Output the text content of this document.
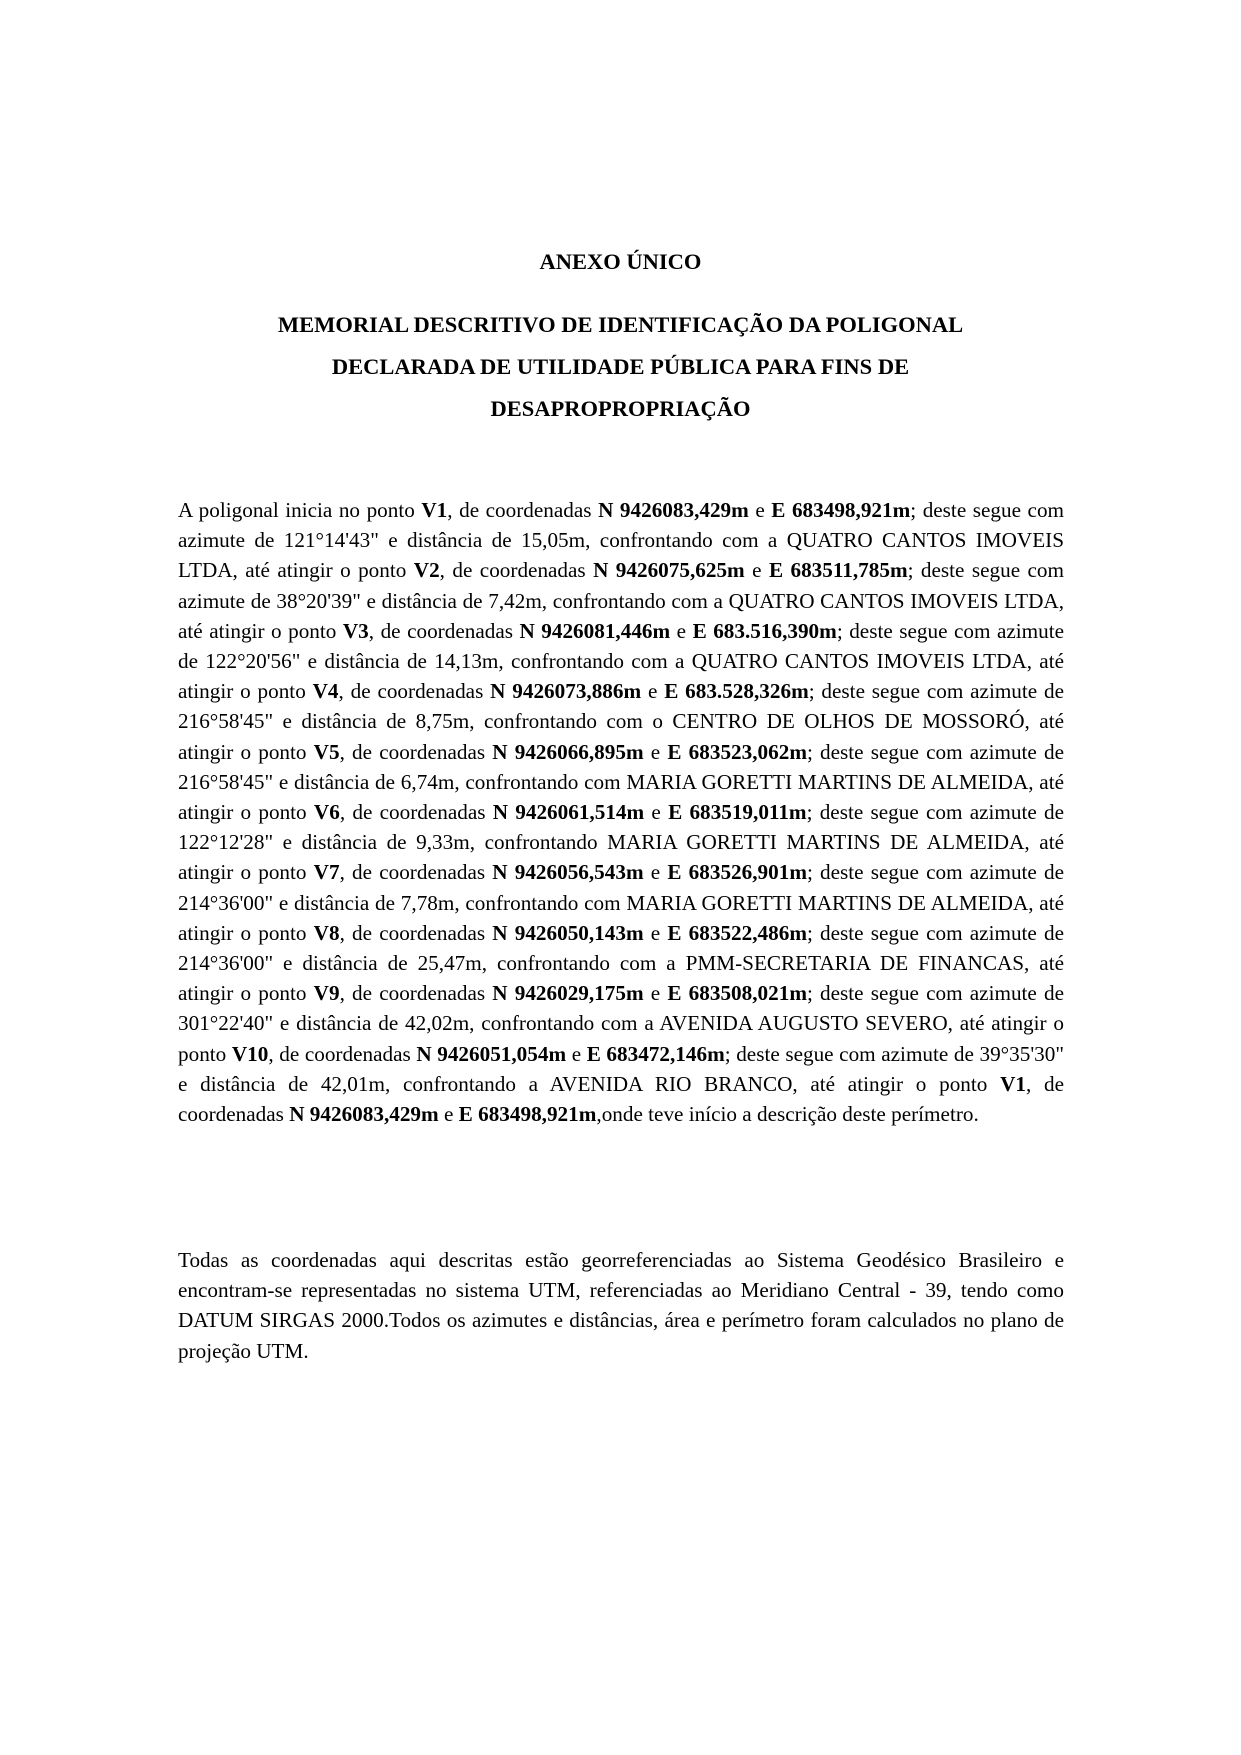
ANEXO ÚNICO
MEMORIAL DESCRITIVO DE IDENTIFICAÇÃO DA POLIGONAL
DECLARADA DE UTILIDADE PÚBLICA PARA FINS DE
DESAPROPROPRIAÇÃO

A poligonal inicia no ponto V1, de coordenadas N 9426083,429m e E 683498,921m; deste segue com azimute de 121°14'43" e distância de 15,05m, confrontando com a QUATRO CANTOS IMOVEIS LTDA, até atingir o ponto V2, de coordenadas N 9426075,625m e E 683511,785m; deste segue com azimute de 38°20'39" e distância de 7,42m, confrontando com a QUATRO CANTOS IMOVEIS LTDA, até atingir o ponto V3, de coordenadas N 9426081,446m e E 683.516,390m; deste segue com azimute de 122°20'56" e distância de 14,13m, confrontando com a QUATRO CANTOS IMOVEIS LTDA, até atingir o ponto V4, de coordenadas N 9426073,886m e E 683.528,326m; deste segue com azimute de 216°58'45" e distância de 8,75m, confrontando com o CENTRO DE OLHOS DE MOSSORÓ, até atingir o ponto V5, de coordenadas N 9426066,895m e E 683523,062m; deste segue com azimute de 216°58'45" e distância de 6,74m, confrontando com MARIA GORETTI MARTINS DE ALMEIDA, até atingir o ponto V6, de coordenadas N 9426061,514m e E 683519,011m; deste segue com azimute de 122°12'28" e distância de 9,33m, confrontando MARIA GORETTI MARTINS DE ALMEIDA, até atingir o ponto V7, de coordenadas N 9426056,543m e E 683526,901m; deste segue com azimute de 214°36'00" e distância de 7,78m, confrontando com MARIA GORETTI MARTINS DE ALMEIDA, até atingir o ponto V8, de coordenadas N 9426050,143m e E 683522,486m; deste segue com azimute de 214°36'00" e distância de 25,47m, confrontando com a PMM-SECRETARIA DE FINANCAS, até atingir o ponto V9, de coordenadas N 9426029,175m e E 683508,021m; deste segue com azimute de 301°22'40" e distância de 42,02m, confrontando com a AVENIDA AUGUSTO SEVERO, até atingir o ponto V10, de coordenadas N 9426051,054m e E 683472,146m; deste segue com azimute de 39°35'30" e distância de 42,01m, confrontando a AVENIDA RIO BRANCO, até atingir o ponto V1, de coordenadas N 9426083,429m e E 683498,921m,onde teve início a descrição deste perímetro.

Todas as coordenadas aqui descritas estão georreferenciadas ao Sistema Geodésico Brasileiro e encontram-se representadas no sistema UTM, referenciadas ao Meridiano Central - 39, tendo como DATUM SIRGAS 2000.Todos os azimutes e distâncias, área e perímetro foram calculados no plano de projeção UTM.
